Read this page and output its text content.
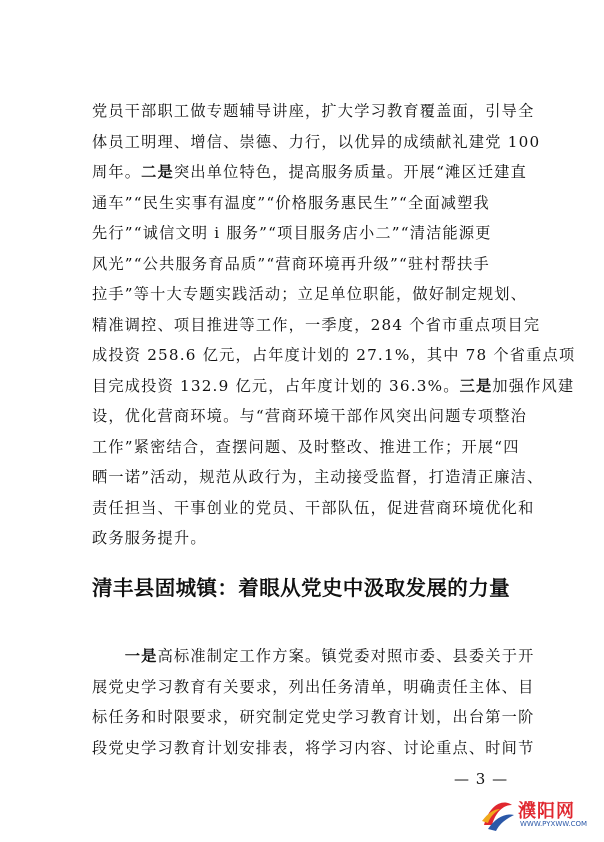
党员干部职工做专题辅导讲座，扩大学习教育覆盖面，引导全
体员工明理、增信、崇德、力行，以优异的成绩献礼建党 100
周年。二是突出单位特色，提高服务质量。开展“滩区迁建直
通车”“民生实事有温度”“价格服务惠民生”“全面减塑我
先行”“诚信文明 i 服务”“项目服务店小二”“清洁能源更
风光”“公共服务育品质”“营商环境再升级”“驻村帮扶手
拉手”等十大专题实践活动；立足单位职能，做好制定规划、
精准调控、项目推进等工作，一季度，284 个省市重点项目完
成投资 258.6 亿元，占年度计划的 27.1%，其中 78 个省重点项
目完成投资 132.9 亿元，占年度计划的 36.3%。三是加强作风建
设，优化营商环境。与“营商环境干部作风突出问题专项整治
工作”紧密结合，查摆问题、及时整改、推进工作；开展“四
晒一诺”活动，规范从政行为，主动接受监督，打造清正廉洁、
责任担当、干事创业的党员、干部队伍，促进营商环境优化和
政务服务提升。
清丰县固城镇：着眼从党史中汲取发展的力量
　　一是高标准制定工作方案。镇党委对照市委、县委关于开
展党史学习教育有关要求，列出任务清单，明确责任主体、目
标任务和时限要求，研究制定党史学习教育计划，出台第一阶
段党史学习教育计划安排表，将学习内容、讨论重点、时间节
— 3 —
濮阳网
WWW.PYXWW.COM
